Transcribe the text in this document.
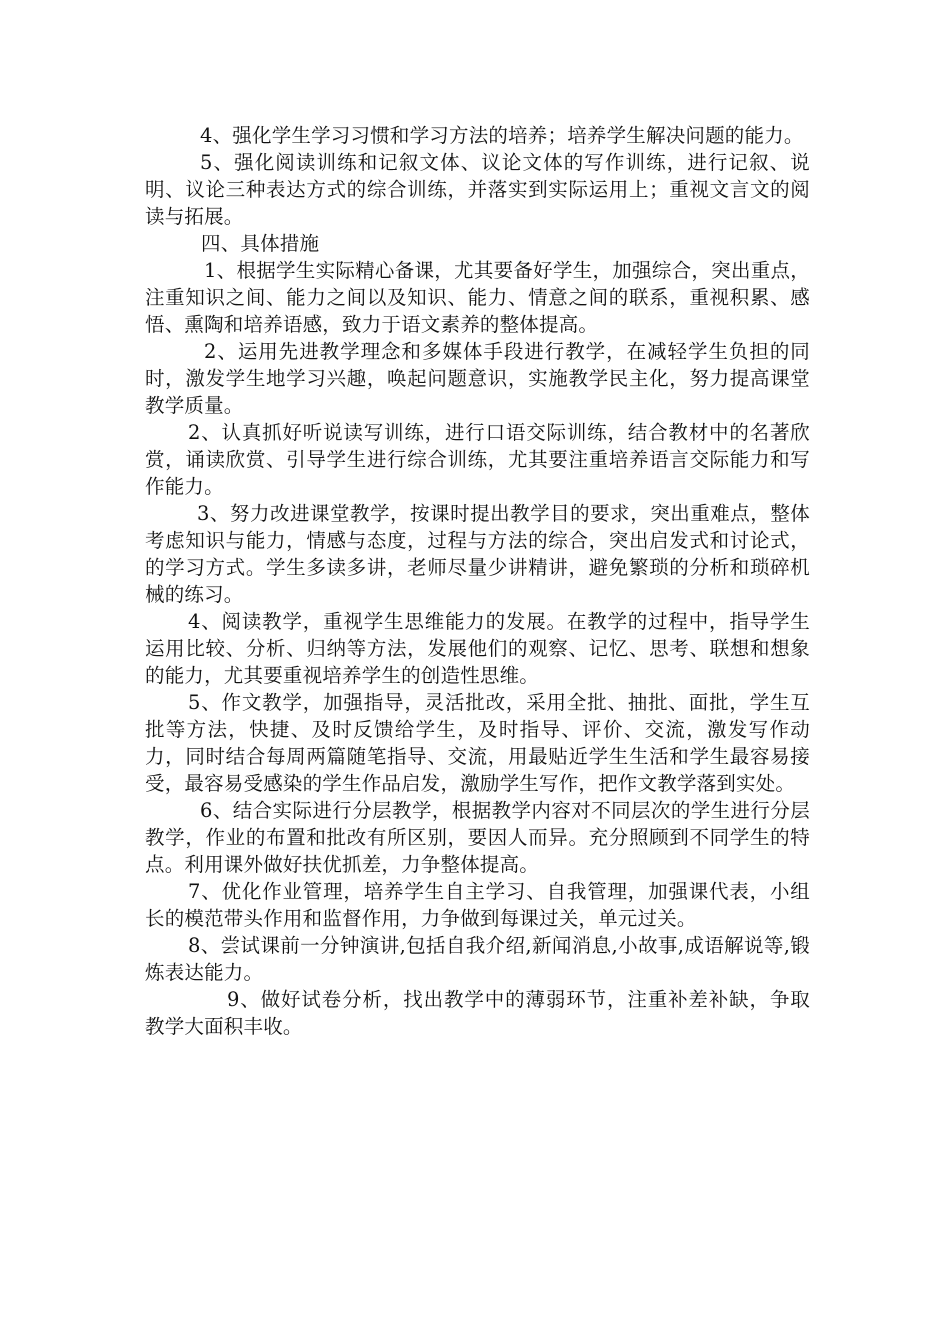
4、强化学生学习习惯和学习方法的培养；培养学生解决问题的能力。

5、强化阅读训练和记叙文体、议论文体的写作训练，进行记叙、说明、议论三种表达方式的综合训练，并落实到实际运用上；重视文言文的阅读与拓展。

四、具体措施

1、根据学生实际精心备课，尤其要备好学生，加强综合，突出重点，注重知识之间、能力之间以及知识、能力、情意之间的联系，重视积累、感悟、熏陶和培养语感，致力于语文素养的整体提高。

2、运用先进教学理念和多媒体手段进行教学，在减轻学生负担的同时，激发学生地学习兴趣，唤起问题意识，实施教学民主化，努力提高课堂教学质量。

2、认真抓好听说读写训练，进行口语交际训练，结合教材中的名著欣赏，诵读欣赏、引导学生进行综合训练，尤其要注重培养语言交际能力和写作能力。

3、努力改进课堂教学，按课时提出教学目的要求，突出重难点，整体考虑知识与能力，情感与态度，过程与方法的综合，突出启发式和讨论式，的学习方式。学生多读多讲，老师尽量少讲精讲，避免繁琐的分析和琐碎机械的练习。

4、阅读教学，重视学生思维能力的发展。在教学的过程中，指导学生运用比较、分析、归纳等方法，发展他们的观察、记忆、思考、联想和想象的能力，尤其要重视培养学生的创造性思维。

5、作文教学，加强指导，灵活批改，采用全批、抽批、面批，学生互批等方法，快捷、及时反馈给学生，及时指导、评价、交流，激发写作动力，同时结合每周两篇随笔指导、交流，用最贴近学生生活和学生最容易接受，最容易受感染的学生作品启发，激励学生写作，把作文教学落到实处。

6、结合实际进行分层教学，根据教学内容对不同层次的学生进行分层教学，作业的布置和批改有所区别，要因人而异。充分照顾到不同学生的特点。利用课外做好扶优抓差，力争整体提高。

7、优化作业管理，培养学生自主学习、自我管理，加强课代表，小组长的模范带头作用和监督作用，力争做到每课过关，单元过关。

8、尝试课前一分钟演讲,包括自我介绍,新闻消息,小故事,成语解说等,锻炼表达能力。

9、做好试卷分析，找出教学中的薄弱环节，注重补差补缺，争取教学大面积丰收。
